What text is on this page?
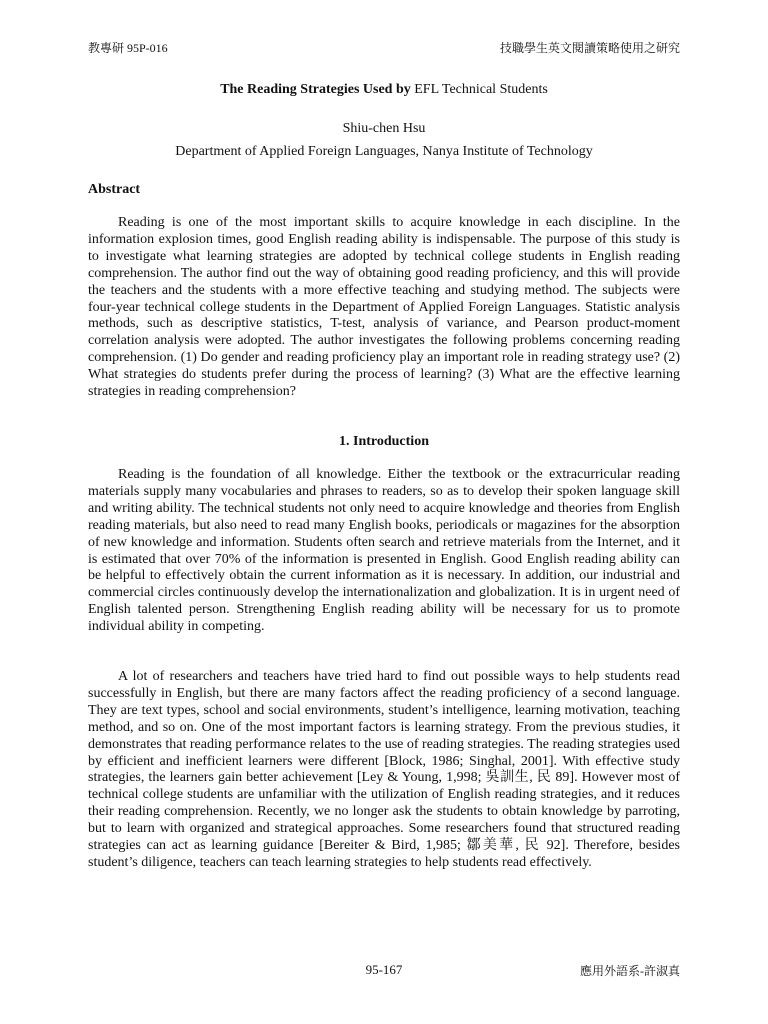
教專研 95P-016	技職學生英文閱讀策略使用之研究
The Reading Strategies Used by EFL Technical Students
Shiu-chen Hsu
Department of Applied Foreign Languages, Nanya Institute of Technology
Abstract

Reading is one of the most important skills to acquire knowledge in each discipline. In the information explosion times, good English reading ability is indispensable. The purpose of this study is to investigate what learning strategies are adopted by technical college students in English reading comprehension. The author find out the way of obtaining good reading proficiency, and this will provide the teachers and the students with a more effective teaching and studying method. The subjects were four-year technical college students in the Department of Applied Foreign Languages. Statistic analysis methods, such as descriptive statistics, T-test, analysis of variance, and Pearson product-moment correlation analysis were adopted. The author investigates the following problems concerning reading comprehension. (1) Do gender and reading proficiency play an important role in reading strategy use? (2) What strategies do students prefer during the process of learning? (3) What are the effective learning strategies in reading comprehension?

1. Introduction

Reading is the foundation of all knowledge. Either the textbook or the extracurricular reading materials supply many vocabularies and phrases to readers, so as to develop their spoken language skill and writing ability. The technical students not only need to acquire knowledge and theories from English reading materials, but also need to read many English books, periodicals or magazines for the absorption of new knowledge and information. Students often search and retrieve materials from the Internet, and it is estimated that over 70% of the information is presented in English. Good English reading ability can be helpful to effectively obtain the current information as it is necessary. In addition, our industrial and commercial circles continuously develop the internationalization and globalization. It is in urgent need of English talented person. Strengthening English reading ability will be necessary for us to promote individual ability in competing.

A lot of researchers and teachers have tried hard to find out possible ways to help students read successfully in English, but there are many factors affect the reading proficiency of a second language. They are text types, school and social environments, student’s intelligence, learning motivation, teaching method, and so on. One of the most important factors is learning strategy. From the previous studies, it demonstrates that reading performance relates to the use of reading strategies. The reading strategies used by efficient and inefficient learners were different [Block, 1986; Singhal, 2001]. With effective study strategies, the learners gain better achievement [Ley & Young, 1,998; 吳訓生, 民 89]. However most of technical college students are unfamiliar with the utilization of English reading strategies, and it reduces their reading comprehension. Recently, we no longer ask the students to obtain knowledge by parroting, but to learn with organized and strategical approaches. Some researchers found that structured reading strategies can act as learning guidance [Bereiter & Bird, 1,985; 鄒美華, 民 92]. Therefore, besides student’s diligence, teachers can teach learning strategies to help students read effectively.

95-167	應用外語系-許淑真
